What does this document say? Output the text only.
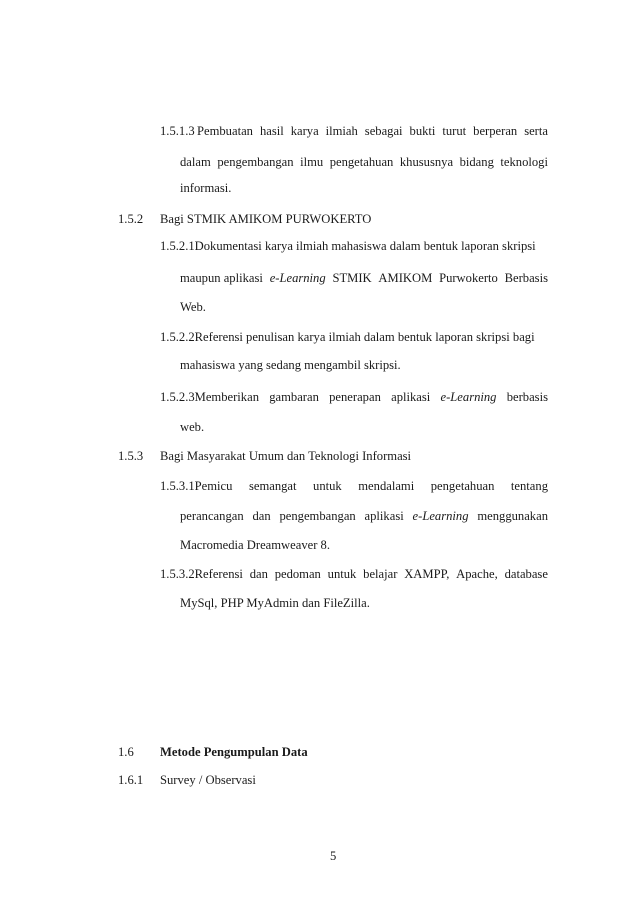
1.5.1.3 Pembuatan hasil karya ilmiah sebagai bukti turut berperan serta
dalam pengembangan ilmu pengetahuan khususnya bidang teknologi
informasi.
1.5.2 Bagi STMIK AMIKOM PURWOKERTO
1.5.2.1Dokumentasi karya ilmiah mahasiswa dalam bentuk laporan skripsi
maupun aplikasi e-Learning STMIK AMIKOM Purwokerto Berbasis
Web.
1.5.2.2Referensi penulisan karya ilmiah dalam bentuk laporan skripsi bagi
mahasiswa yang sedang mengambil skripsi.
1.5.2.3 Memberikan gambaran penerapan aplikasi e-Learning berbasis
web.
1.5.3 Bagi Masyarakat Umum dan Teknologi Informasi
1.5.3.1 Pemicu semangat untuk mendalami pengetahuan tentang
perancangan dan pengembangan aplikasi e-Learning menggunakan
Macromedia Dreamweaver 8.
1.5.3.2 Referensi dan pedoman untuk belajar XAMPP, Apache, database
MySql, PHP MyAdmin dan FileZilla.
1.6 Metode Pengumpulan Data
1.6.1 Survey / Observasi
5
